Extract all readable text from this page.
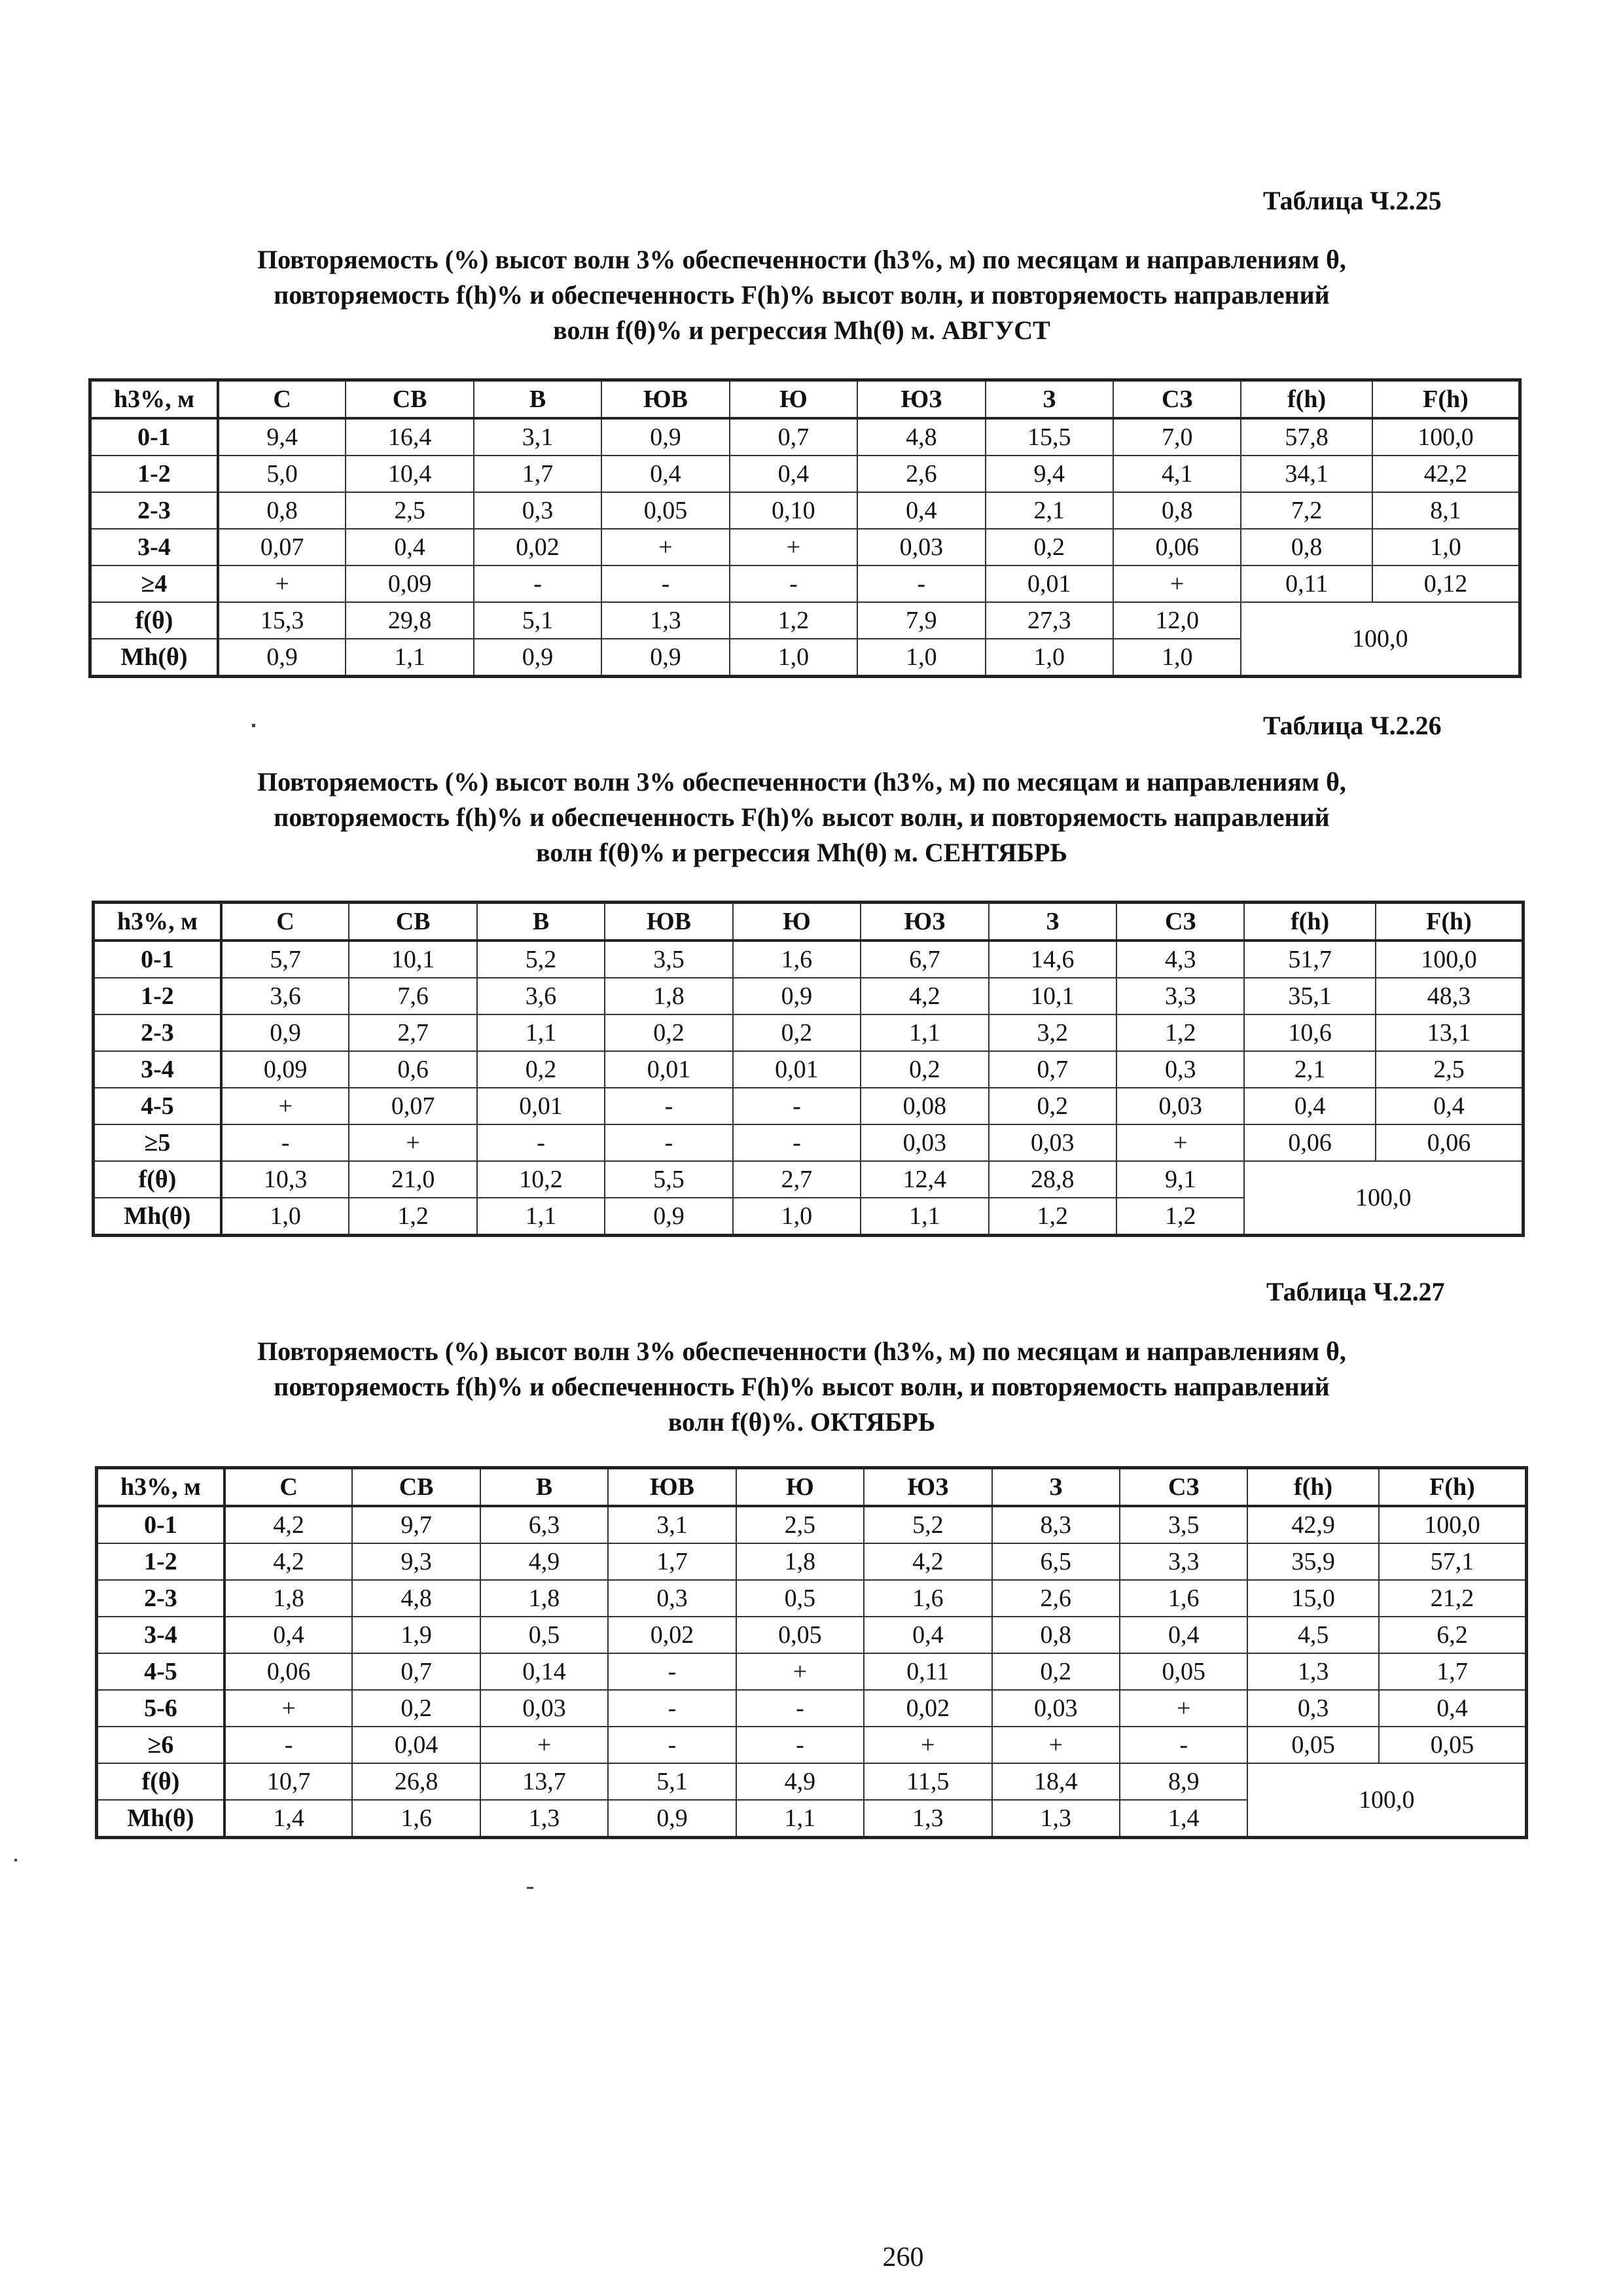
Таблица Ч.2.25
Повторяемость (%) высот волн 3% обеспеченности (h3%, м) по месяцам и направлениям θ,
повторяемость f(h)% и обеспеченность F(h)% высот волн, и повторяемость направлений
волн f(θ)% и регрессия Mh(θ) м. АВГУСТ
h3%, м	С	СВ	В	ЮВ	Ю	ЮЗ	З	СЗ	f(h)	F(h)
0-1	9,4	16,4	3,1	0,9	0,7	4,8	15,5	7,0	57,8	100,0
1-2	5,0	10,4	1,7	0,4	0,4	2,6	9,4	4,1	34,1	42,2
2-3	0,8	2,5	0,3	0,05	0,10	0,4	2,1	0,8	7,2	8,1
3-4	0,07	0,4	0,02	+	+	0,03	0,2	0,06	0,8	1,0
≥4	+	0,09	-	-	-	-	0,01	+	0,11	0,12
f(θ)	15,3	29,8	5,1	1,3	1,2	7,9	27,3	12,0	100,0	
Mh(θ)	0,9	1,1	0,9	0,9	1,0	1,0	1,0	1,0		
Таблица Ч.2.26
Повторяемость (%) высот волн 3% обеспеченности (h3%, м) по месяцам и направлениям θ,
повторяемость f(h)% и обеспеченность F(h)% высот волн, и повторяемость направлений
волн f(θ)% и регрессия Mh(θ) м. СЕНТЯБРЬ
h3%, м	С	СВ	В	ЮВ	Ю	ЮЗ	З	СЗ	f(h)	F(h)
0-1	5,7	10,1	5,2	3,5	1,6	6,7	14,6	4,3	51,7	100,0
1-2	3,6	7,6	3,6	1,8	0,9	4,2	10,1	3,3	35,1	48,3
2-3	0,9	2,7	1,1	0,2	0,2	1,1	3,2	1,2	10,6	13,1
3-4	0,09	0,6	0,2	0,01	0,01	0,2	0,7	0,3	2,1	2,5
4-5	+	0,07	0,01	-	-	0,08	0,2	0,03	0,4	0,4
≥5	-	+	-	-	-	0,03	0,03	+	0,06	0,06
f(θ)	10,3	21,0	10,2	5,5	2,7	12,4	28,8	9,1	100,0	
Mh(θ)	1,0	1,2	1,1	0,9	1,0	1,1	1,2	1,2		
Таблица Ч.2.27
Повторяемость (%) высот волн 3% обеспеченности (h3%, м) по месяцам и направлениям θ,
повторяемость f(h)% и обеспеченность F(h)% высот волн, и повторяемость направлений
волн f(θ)%. ОКТЯБРЬ
h3%, м	С	СВ	В	ЮВ	Ю	ЮЗ	З	СЗ	f(h)	F(h)
0-1	4,2	9,7	6,3	3,1	2,5	5,2	8,3	3,5	42,9	100,0
1-2	4,2	9,3	4,9	1,7	1,8	4,2	6,5	3,3	35,9	57,1
2-3	1,8	4,8	1,8	0,3	0,5	1,6	2,6	1,6	15,0	21,2
3-4	0,4	1,9	0,5	0,02	0,05	0,4	0,8	0,4	4,5	6,2
4-5	0,06	0,7	0,14	-	+	0,11	0,2	0,05	1,3	1,7
5-6	+	0,2	0,03	-	-	0,02	0,03	+	0,3	0,4
≥6	-	0,04	+	-	-	+	+	-	0,05	0,05
f(θ)	10,7	26,8	13,7	5,1	4,9	11,5	18,4	8,9	100,0	
Mh(θ)	1,4	1,6	1,3	0,9	1,1	1,3	1,3	1,4		
260
